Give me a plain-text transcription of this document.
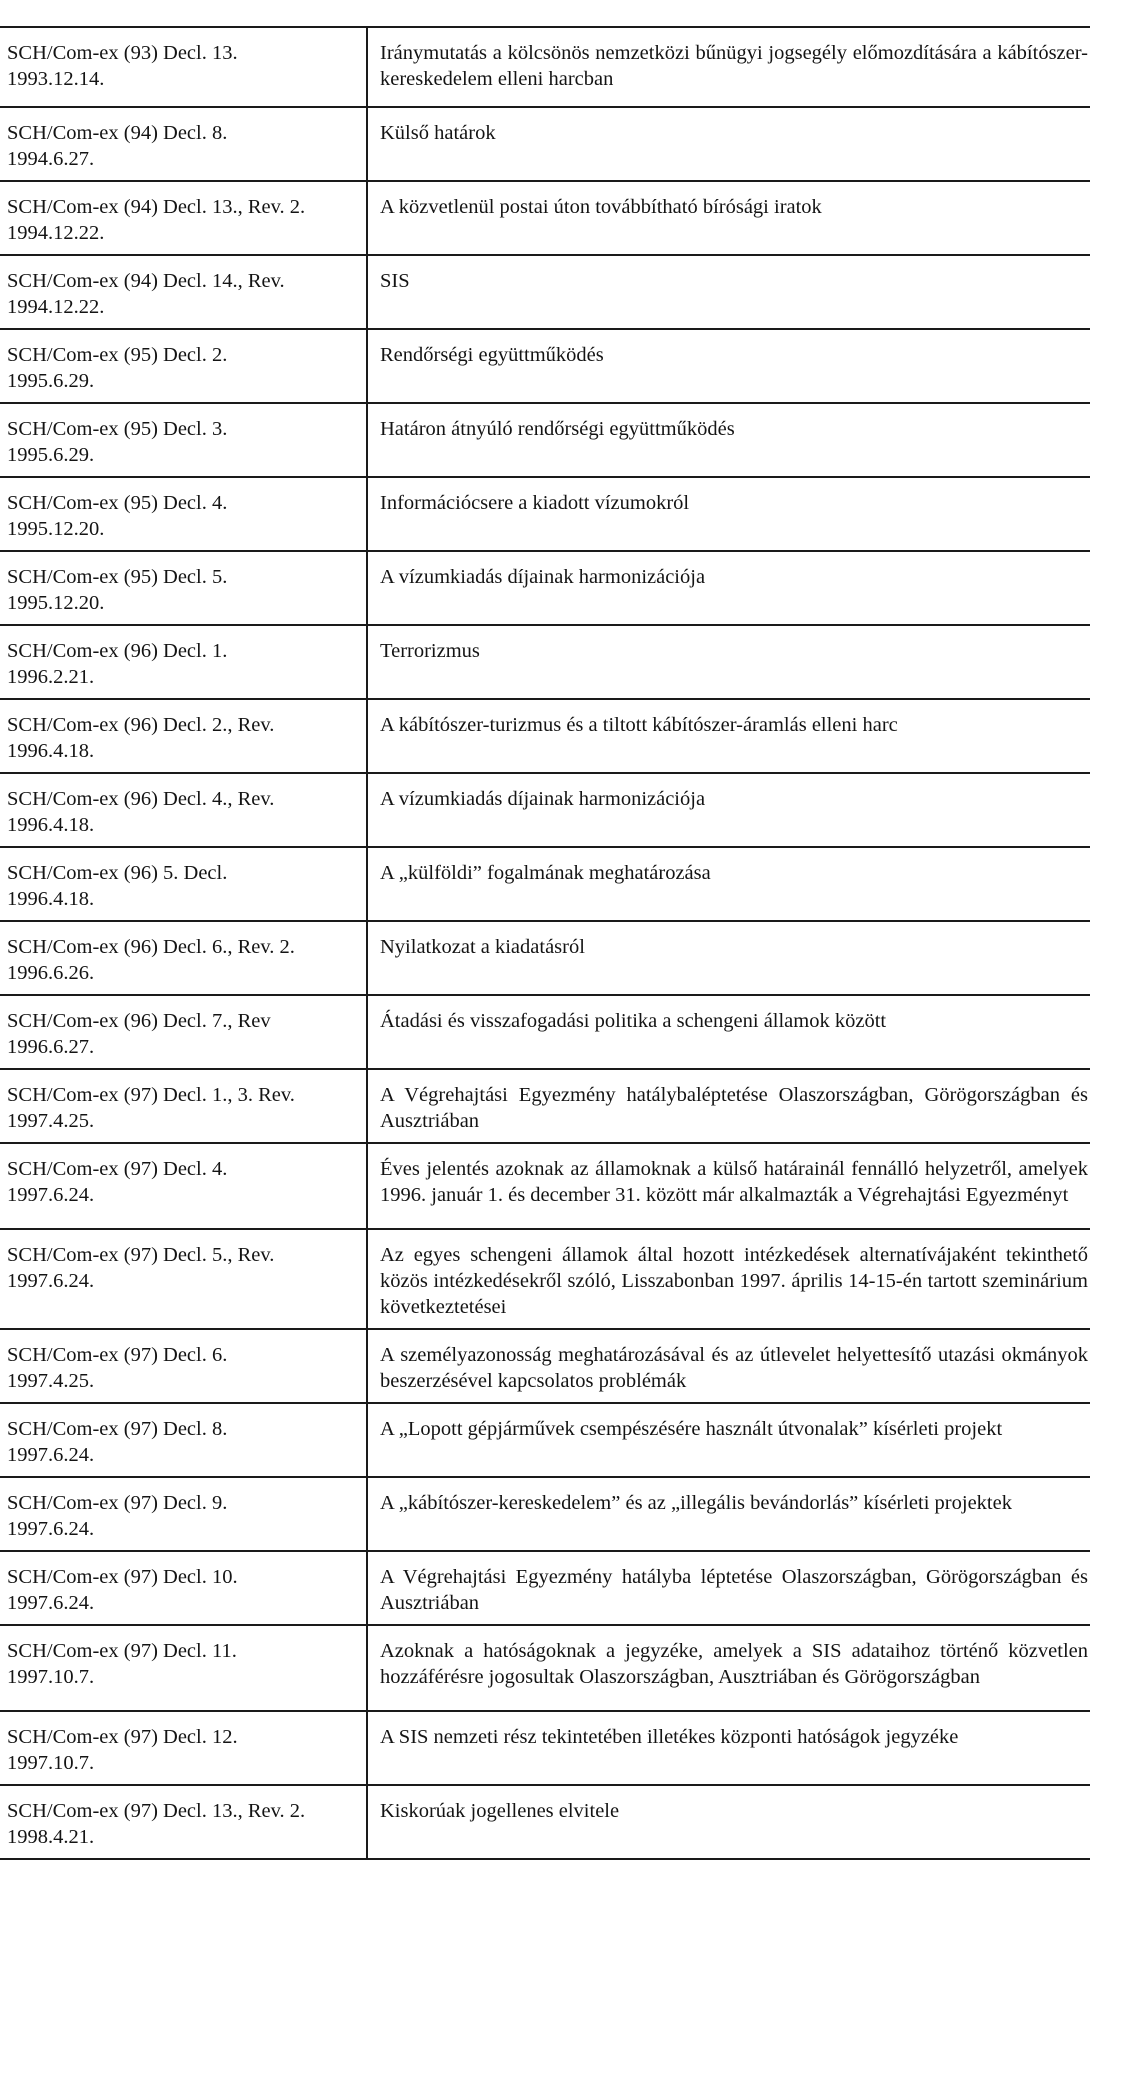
SCH/Com-ex (93) Decl. 13.
1993.12.14.	Iránymutatás a kölcsönös nemzetközi bűnügyi jogsegély előmozdítására a kábítószer-kereskedelem elleni harcban

SCH/Com-ex (94) Decl. 8.
1994.6.27.	Külső határok

SCH/Com-ex (94) Decl. 13., Rev. 2.
1994.12.22.	A közvetlenül postai úton továbbítható bírósági iratok

SCH/Com-ex (94) Decl. 14., Rev.
1994.12.22.	SIS

SCH/Com-ex (95) Decl. 2.
1995.6.29.	Rendőrségi együttműködés

SCH/Com-ex (95) Decl. 3.
1995.6.29.	Határon átnyúló rendőrségi együttműködés

SCH/Com-ex (95) Decl. 4.
1995.12.20.	Információcsere a kiadott vízumokról

SCH/Com-ex (95) Decl. 5.
1995.12.20.	A vízumkiadás díjainak harmonizációja

SCH/Com-ex (96) Decl. 1.
1996.2.21.	Terrorizmus

SCH/Com-ex (96) Decl. 2., Rev.
1996.4.18.	A kábítószer-turizmus és a tiltott kábítószer-áramlás elleni harc

SCH/Com-ex (96) Decl. 4., Rev.
1996.4.18.	A vízumkiadás díjainak harmonizációja

SCH/Com-ex (96) 5. Decl.
1996.4.18.	A „külföldi” fogalmának meghatározása

SCH/Com-ex (96) Decl. 6., Rev. 2.
1996.6.26.	Nyilatkozat a kiadatásról

SCH/Com-ex (96) Decl. 7., Rev
1996.6.27.	Átadási és visszafogadási politika a schengeni államok között

SCH/Com-ex (97) Decl. 1., 3. Rev.
1997.4.25.	A Végrehajtási Egyezmény hatálybaléptetése Olaszországban, Görögországban és Ausztriában

SCH/Com-ex (97) Decl. 4.
1997.6.24.	Éves jelentés azoknak az államoknak a külső határainál fennálló helyzetről, amelyek 1996. január 1. és december 31. között már alkalmazták a Végrehajtási Egyezményt

SCH/Com-ex (97) Decl. 5., Rev.
1997.6.24.	Az egyes schengeni államok által hozott intézkedések alternatívájaként tekinthető közös intézkedésekről szóló, Lisszabonban 1997. április 14-15-én tartott szeminárium következtetései

SCH/Com-ex (97) Decl. 6.
1997.4.25.	A személyazonosság meghatározásával és az útlevelet helyettesítő utazási okmányok beszerzésével kapcsolatos problémák

SCH/Com-ex (97) Decl. 8.
1997.6.24.	A „Lopott gépjárművek csempészésére használt útvonalak” kísérleti projekt

SCH/Com-ex (97) Decl. 9.
1997.6.24.	A „kábítószer-kereskedelem” és az „illegális bevándorlás” kísérleti projektek

SCH/Com-ex (97) Decl. 10.
1997.6.24.	A Végrehajtási Egyezmény hatályba léptetése Olaszországban, Görögországban és Ausztriában

SCH/Com-ex (97) Decl. 11.
1997.10.7.	Azoknak a hatóságoknak a jegyzéke, amelyek a SIS adataihoz történő közvetlen hozzáférésre jogosultak Olaszországban, Ausztriában és Görögországban

SCH/Com-ex (97) Decl. 12.
1997.10.7.	A SIS nemzeti rész tekintetében illetékes központi hatóságok jegyzéke

SCH/Com-ex (97) Decl. 13., Rev. 2.
1998.4.21.	Kiskorúak jogellenes elvitele
